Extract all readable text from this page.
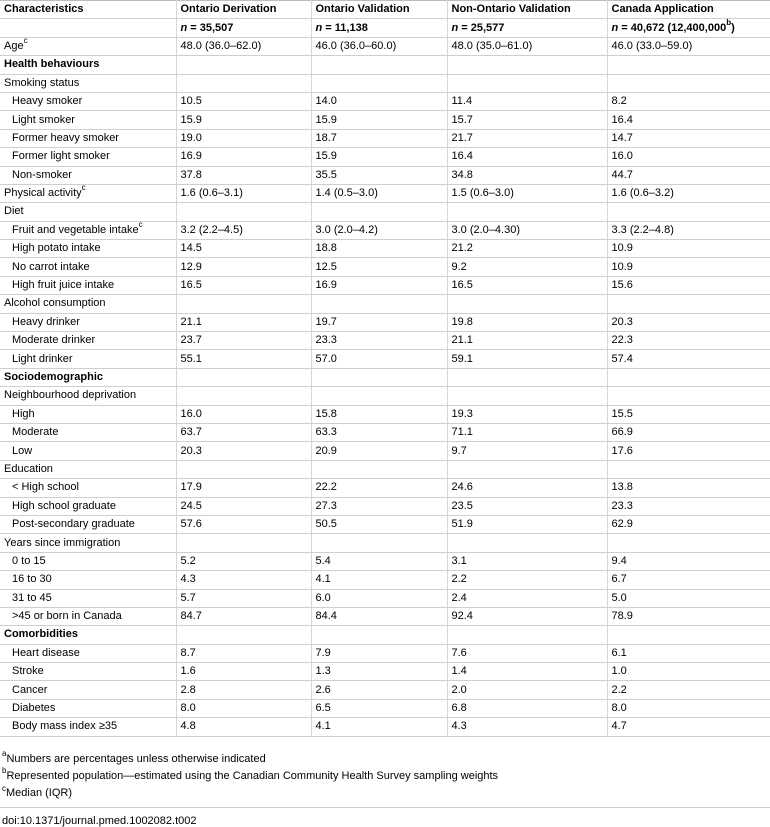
Characteristics	Ontario Derivation	Ontario Validation	Non-Ontario Validation	Canada Application
	n = 35,507	n = 11,138	n = 25,577	n = 40,672 (12,400,000$^b$)
Age$^c$	48.0 (36.0–62.0)	46.0 (36.0–60.0)	48.0 (35.0–61.0)	46.0 (33.0–59.0)
Health behaviours				
Smoking status				
Heavy smoker	10.5	14.0	11.4	8.2
Light smoker	15.9	15.9	15.7	16.4
Former heavy smoker	19.0	18.7	21.7	14.7
Former light smoker	16.9	15.9	16.4	16.0
Non-smoker	37.8	35.5	34.8	44.7
Physical activity$^c$	1.6 (0.6–3.1)	1.4 (0.5–3.0)	1.5 (0.6–3.0)	1.6 (0.6–3.2)
Diet				
Fruit and vegetable intake$^c$	3.2 (2.2–4.5)	3.0 (2.0–4.2)	3.0 (2.0–4.30)	3.3 (2.2–4.8)
High potato intake	14.5	18.8	21.2	10.9
No carrot intake	12.9	12.5	9.2	10.9
High fruit juice intake	16.5	16.9	16.5	15.6
Alcohol consumption				
Heavy drinker	21.1	19.7	19.8	20.3
Moderate drinker	23.7	23.3	21.1	22.3
Light drinker	55.1	57.0	59.1	57.4
Sociodemographic				
Neighbourhood deprivation				
High	16.0	15.8	19.3	15.5
Moderate	63.7	63.3	71.1	66.9
Low	20.3	20.9	9.7	17.6
Education				
< High school	17.9	22.2	24.6	13.8
High school graduate	24.5	27.3	23.5	23.3
Post-secondary graduate	57.6	50.5	51.9	62.9
Years since immigration				
0 to 15	5.2	5.4	3.1	9.4
16 to 30	4.3	4.1	2.2	6.7
31 to 45	5.7	6.0	2.4	5.0
>45 or born in Canada	84.7	84.4	92.4	78.9
Comorbidities				
Heart disease	8.7	7.9	7.6	6.1
Stroke	1.6	1.3	1.4	1.0
Cancer	2.8	2.6	2.0	2.2
Diabetes	8.0	6.5	6.8	8.0
Body mass index ≥35	4.8	4.1	4.3	4.7
$^a$Numbers are percentages unless otherwise indicated
$^b$Represented population—estimated using the Canadian Community Health Survey sampling weights
$^c$Median (IQR)
doi:10.1371/journal.pmed.1002082.t002
